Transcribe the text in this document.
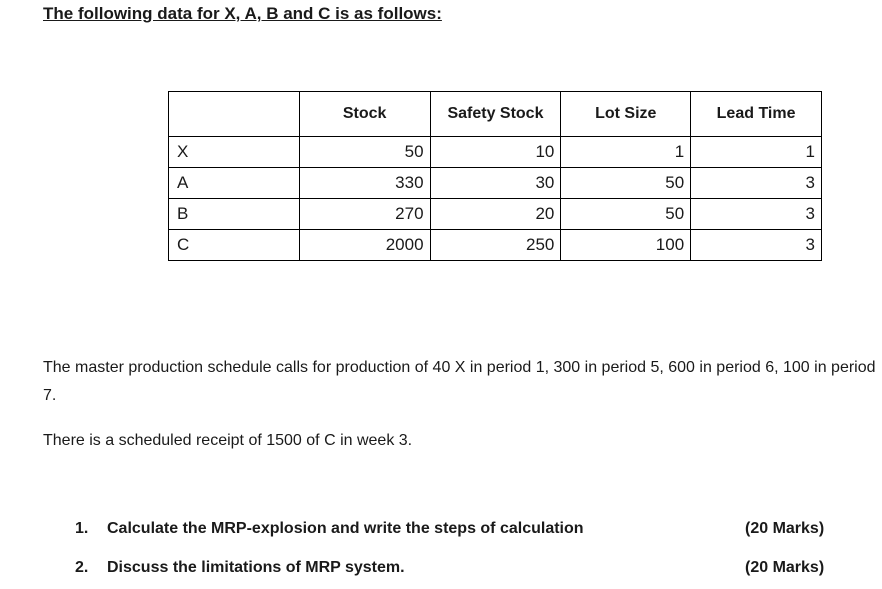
The following data for X, A, B and C is as follows:
	Stock	Safety Stock	Lot Size	Lead Time
X	50	10	1	1
A	330	30	50	3
B	270	20	50	3
C	2000	250	100	3
The master production schedule calls for production of 40 X in period 1, 300 in period 5, 600 in period 6, 100 in period 7.
There is a scheduled receipt of 1500 of C in week 3.
1.	Calculate the MRP-explosion and write the steps of calculation	(20 Marks)
2.	Discuss the limitations of MRP system.	(20 Marks)
